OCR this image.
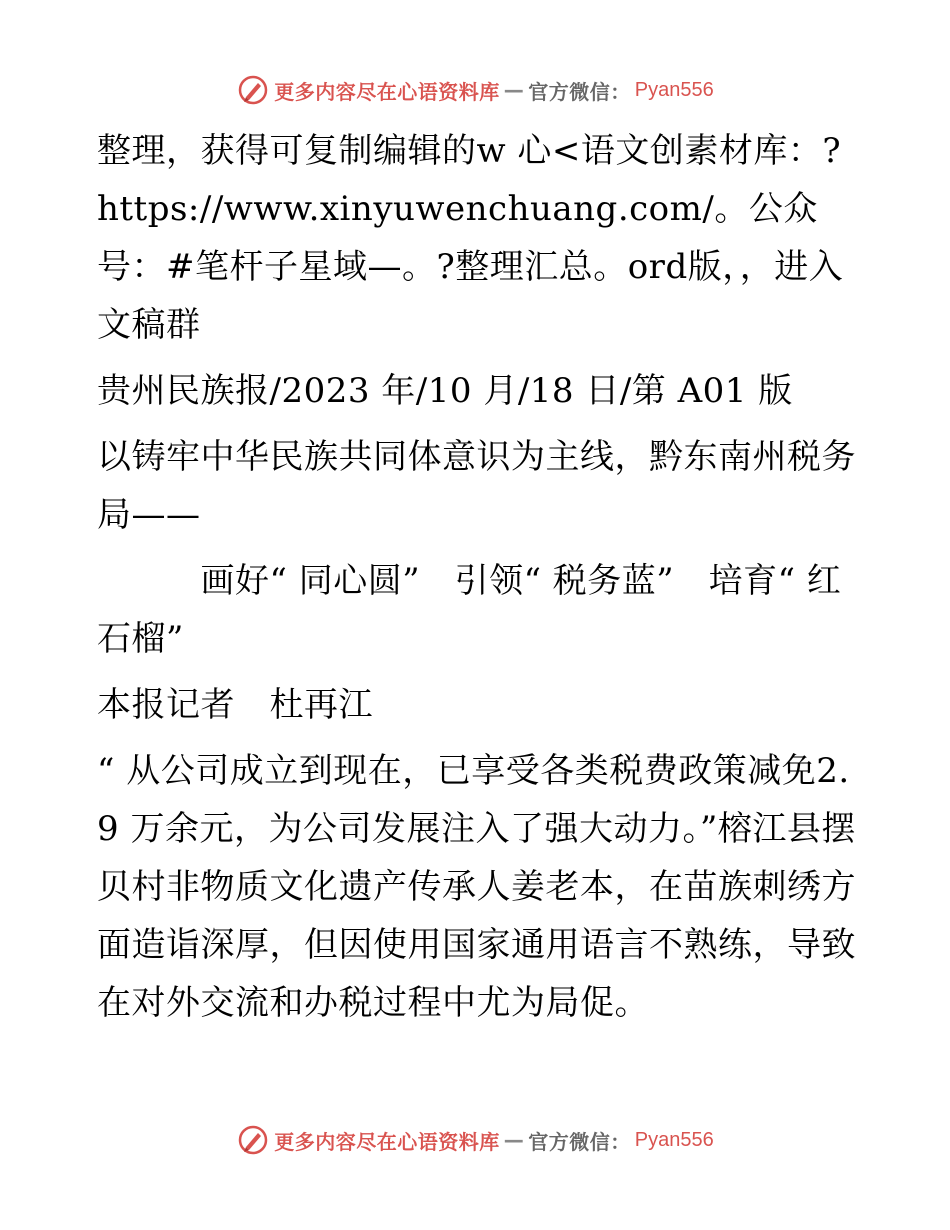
更多内容尽在心语资料库 — 官方微信： Pyan556

整理，获得可复制编辑的w 心<语文创素材库：?https://www.xinyuwenchuang.com/。公众号：#笔杆子星域—。?整理汇总。ord版，，进入文稿群

贵州民族报/2023 年/10 月/18 日/第 A01 版

以铸牢中华民族共同体意识为主线，黔东南州税务局——

　　　画好“ 同心圆”　引领“ 税务蓝”　培育“ 红石榴”

本报记者　杜再江

“ 从公司成立到现在，已享受各类税费政策减免2.9 万余元，为公司发展注入了强大动力。”榕江县摆贝村非物质文化遗产传承人姜老本，在苗族刺绣方面造诣深厚，但因使用国家通用语言不熟练，导致在对外交流和办税过程中尤为局促。

更多内容尽在心语资料库 — 官方微信： Pyan556
